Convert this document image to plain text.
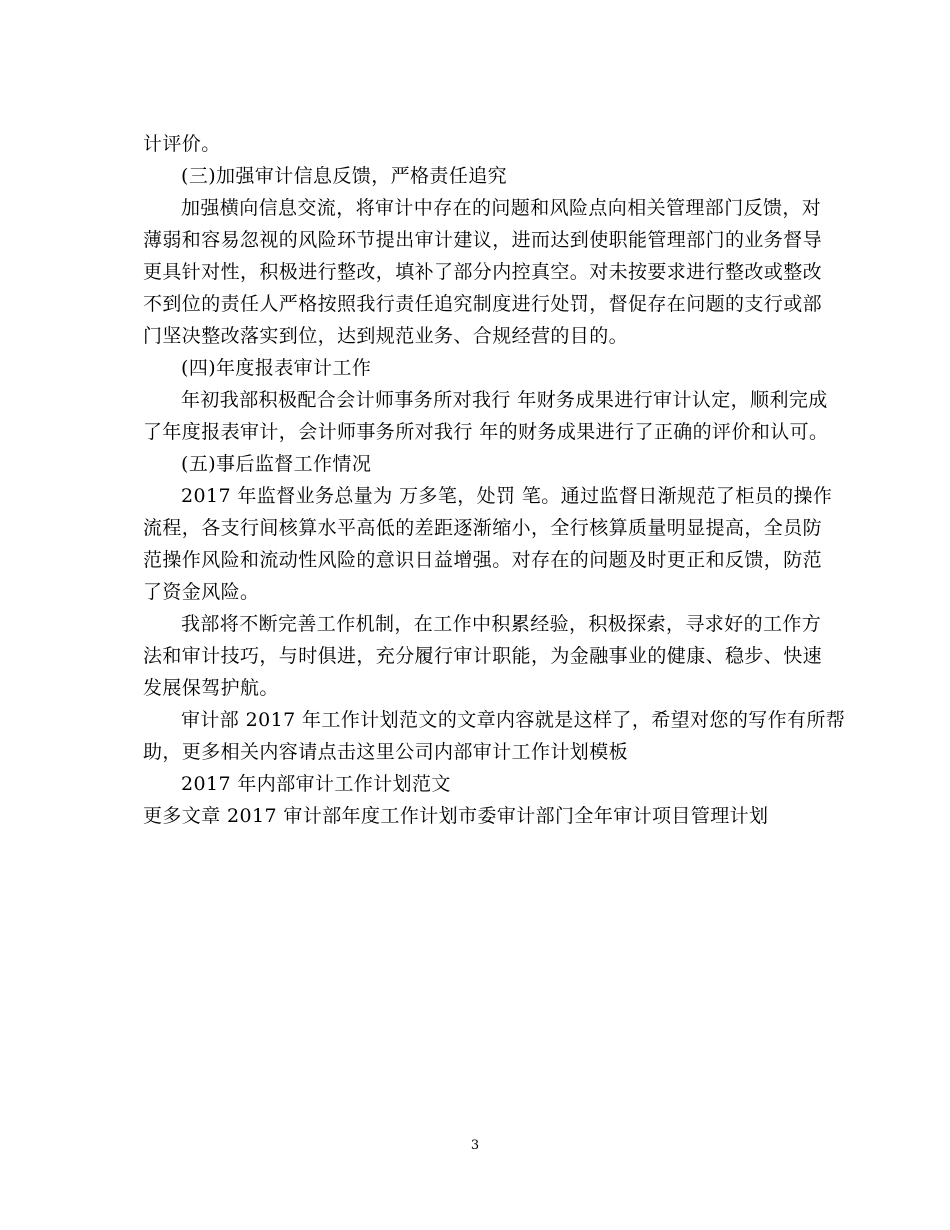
计评价。
(三)加强审计信息反馈，严格责任追究
加强横向信息交流，将审计中存在的问题和风险点向相关管理部门反馈，对
薄弱和容易忽视的风险环节提出审计建议，进而达到使职能管理部门的业务督导
更具针对性，积极进行整改，填补了部分内控真空。对未按要求进行整改或整改
不到位的责任人严格按照我行责任追究制度进行处罚，督促存在问题的支行或部
门坚决整改落实到位，达到规范业务、合规经营的目的。
(四)年度报表审计工作
年初我部积极配合会计师事务所对我行 年财务成果进行审计认定，顺利完成
了年度报表审计，会计师事务所对我行 年的财务成果进行了正确的评价和认可。
(五)事后监督工作情况
2017 年监督业务总量为 万多笔，处罚 笔。通过监督日渐规范了柜员的操作
流程，各支行间核算水平高低的差距逐渐缩小，全行核算质量明显提高，全员防
范操作风险和流动性风险的意识日益增强。对存在的问题及时更正和反馈，防范
了资金风险。
我部将不断完善工作机制，在工作中积累经验，积极探索，寻求好的工作方
法和审计技巧，与时俱进，充分履行审计职能，为金融事业的健康、稳步、快速
发展保驾护航。
审计部 2017 年工作计划范文的文章内容就是这样了，希望对您的写作有所帮
助，更多相关内容请点击这里公司内部审计工作计划模板
2017 年内部审计工作计划范文
更多文章 2017 审计部年度工作计划市委审计部门全年审计项目管理计划
3
